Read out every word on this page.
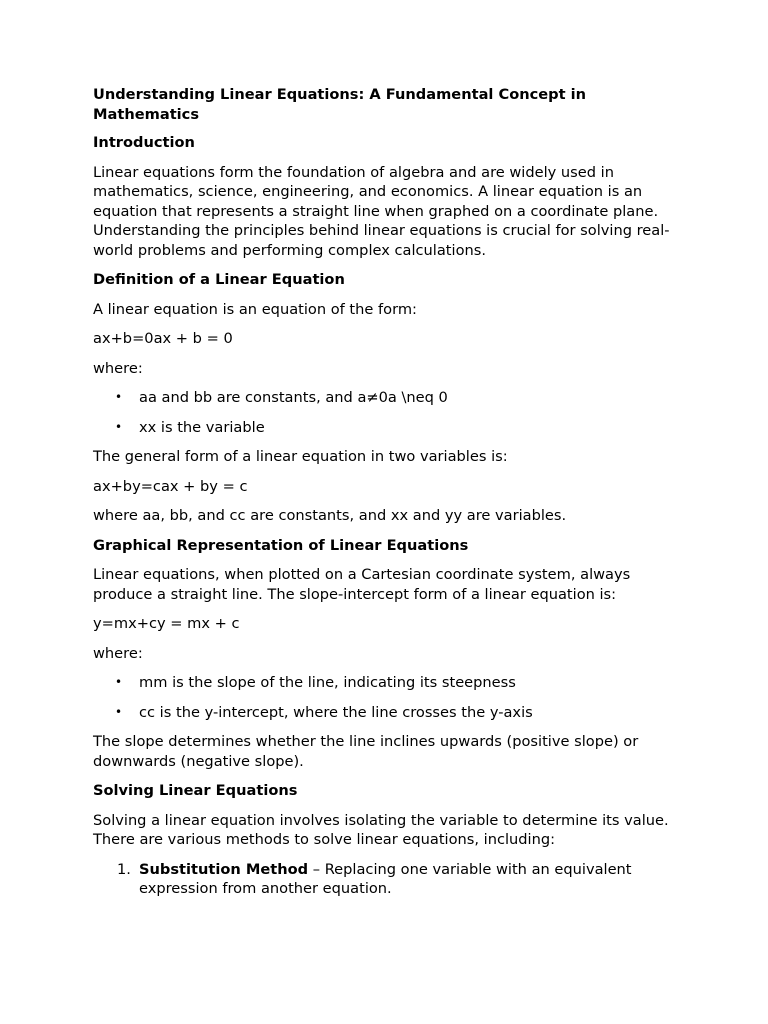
Understanding Linear Equations: A Fundamental Concept in Mathematics
Introduction

Linear equations form the foundation of algebra and are widely used in mathematics, science, engineering, and economics. A linear equation is an equation that represents a straight line when graphed on a coordinate plane. Understanding the principles behind linear equations is crucial for solving real-world problems and performing complex calculations.

Definition of a Linear Equation

A linear equation is an equation of the form:

ax+b=0ax + b = 0

where:

• aa and bb are constants, and a≠0a \neq 0
• xx is the variable

The general form of a linear equation in two variables is:

ax+by=cax + by = c

where aa, bb, and cc are constants, and xx and yy are variables.

Graphical Representation of Linear Equations

Linear equations, when plotted on a Cartesian coordinate system, always produce a straight line. The slope-intercept form of a linear equation is:

y=mx+cy = mx + c

where:

• mm is the slope of the line, indicating its steepness
• cc is the y-intercept, where the line crosses the y-axis

The slope determines whether the line inclines upwards (positive slope) or downwards (negative slope).

Solving Linear Equations

Solving a linear equation involves isolating the variable to determine its value. There are various methods to solve linear equations, including:

1. Substitution Method – Replacing one variable with an equivalent expression from another equation.
